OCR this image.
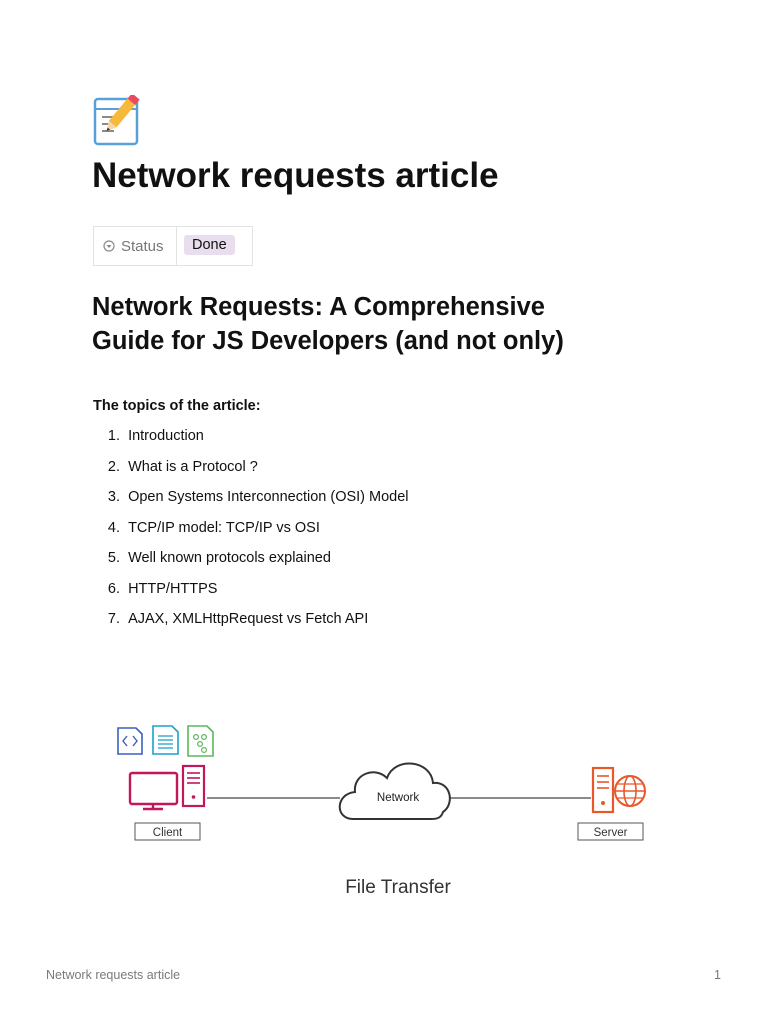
Network requests article
Status	Done
Network Requests: A Comprehensive
Guide for JS Developers (and not only)

The topics of the article:

1.
Introduction
2.
What is a Protocol ?
3.
Open Systems Interconnection (OSI) Model
4.
TCP/IP model: TCP/IP vs OSI
5.
Well known protocols explained
6.
HTTP/HTTPS
7.
AJAX, XMLHttpRequest vs Fetch API
Network
Client	Server
File Transfer
Network requests article	1
